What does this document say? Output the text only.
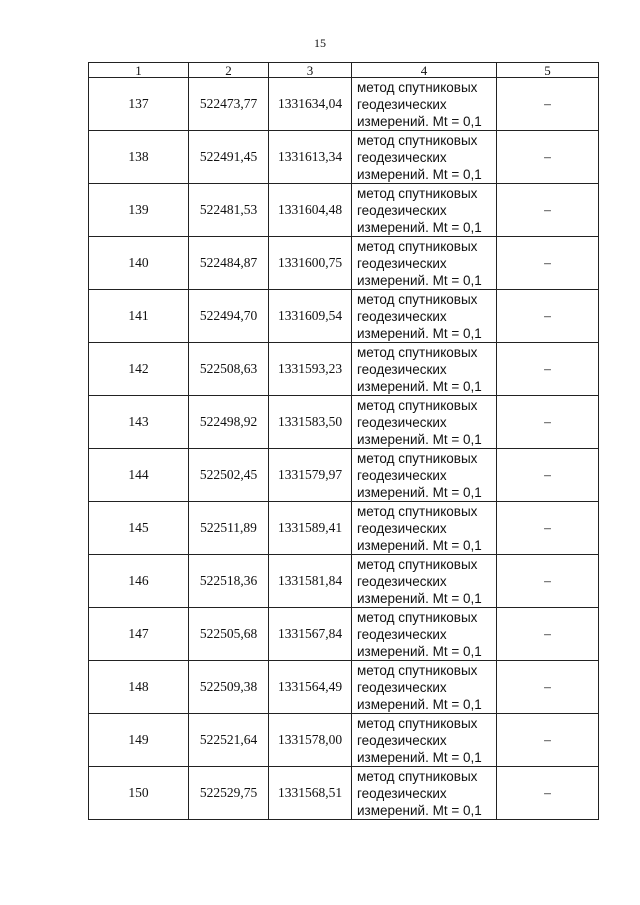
15
1	2	3	4	5
137	522473,77	1331634,04	метод спутниковых
геодезических
измерений. Mt = 0,1	–
138	522491,45	1331613,34	метод спутниковых
геодезических
измерений. Mt = 0,1	–
139	522481,53	1331604,48	метод спутниковых
геодезических
измерений. Mt = 0,1	–
140	522484,87	1331600,75	метод спутниковых
геодезических
измерений. Mt = 0,1	–
141	522494,70	1331609,54	метод спутниковых
геодезических
измерений. Mt = 0,1	–
142	522508,63	1331593,23	метод спутниковых
геодезических
измерений. Mt = 0,1	–
143	522498,92	1331583,50	метод спутниковых
геодезических
измерений. Mt = 0,1	–
144	522502,45	1331579,97	метод спутниковых
геодезических
измерений. Mt = 0,1	–
145	522511,89	1331589,41	метод спутниковых
геодезических
измерений. Mt = 0,1	–
146	522518,36	1331581,84	метод спутниковых
геодезических
измерений. Mt = 0,1	–
147	522505,68	1331567,84	метод спутниковых
геодезических
измерений. Mt = 0,1	–
148	522509,38	1331564,49	метод спутниковых
геодезических
измерений. Mt = 0,1	–
149	522521,64	1331578,00	метод спутниковых
геодезических
измерений. Mt = 0,1	–
150	522529,75	1331568,51	метод спутниковых
геодезических
измерений. Mt = 0,1	–
